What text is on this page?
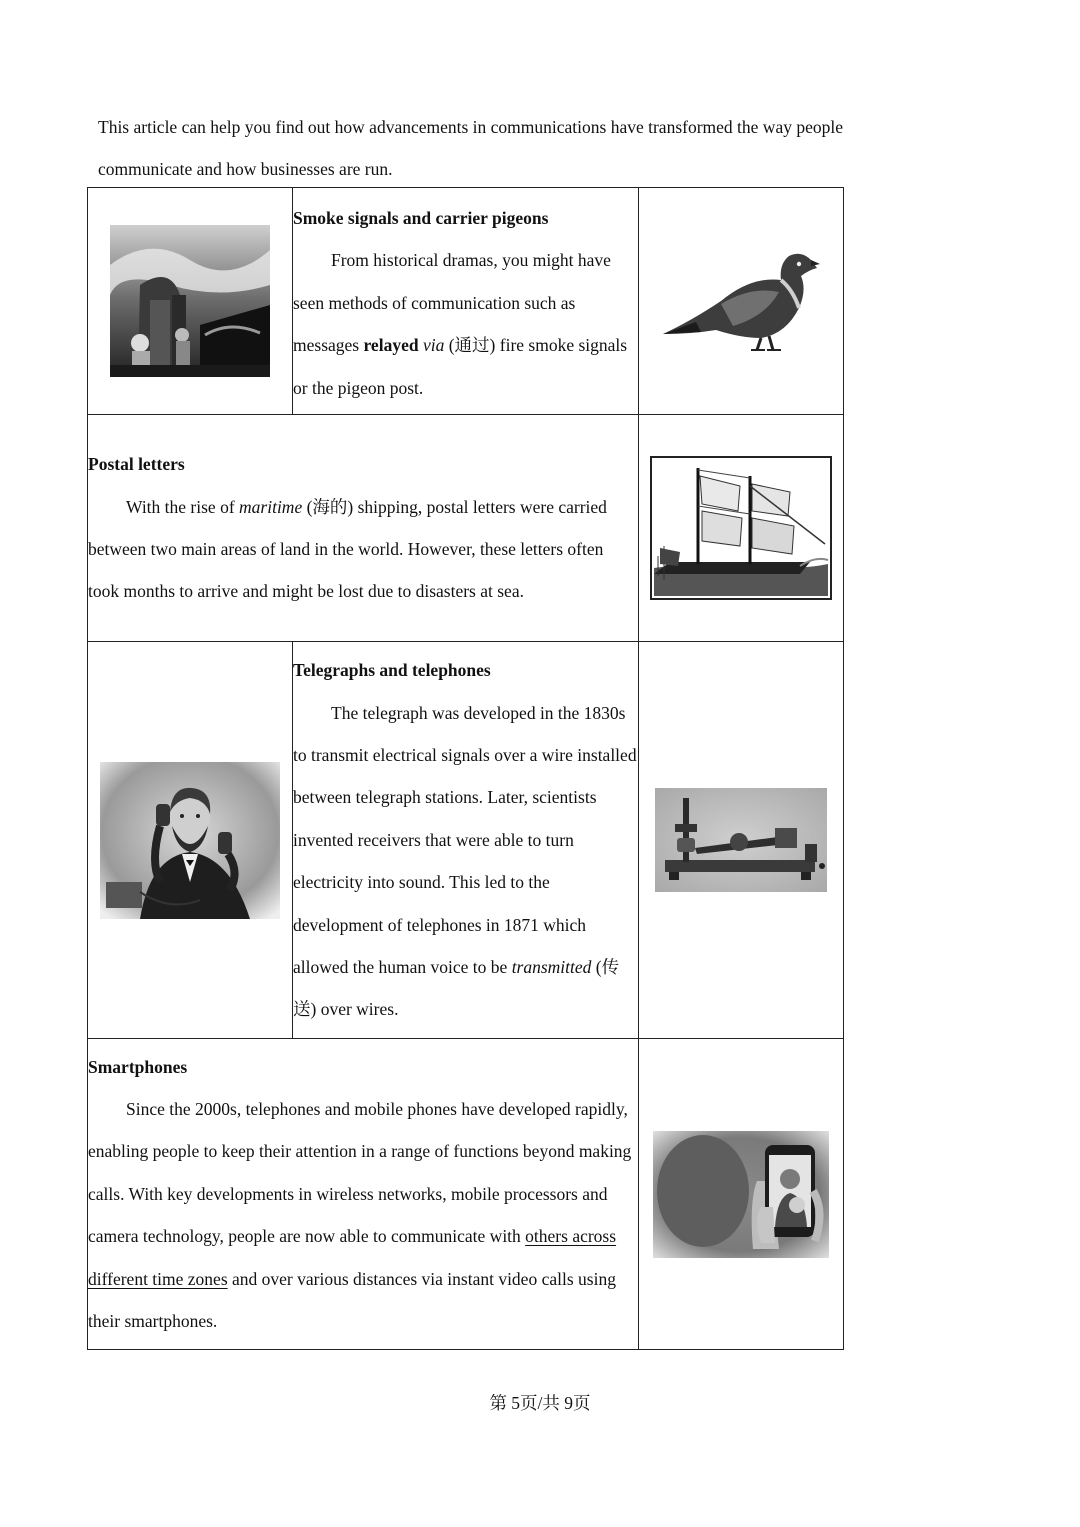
This article can help you find out how advancements in communications have transformed the way people communicate and how businesses are run.

Smoke signals and carrier pigeons

From historical dramas, you might have seen methods of communication such as messages relayed via (通过) fire smoke signals or the pigeon post.

Postal letters

With the rise of maritime (海的) shipping, postal letters were carried between two main areas of land in the world. However, these letters often took months to arrive and might be lost due to disasters at sea.

Telegraphs and telephones

The telegraph was developed in the 1830s to transmit electrical signals over a wire installed between telegraph stations. Later, scientists invented receivers that were able to turn electricity into sound. This led to the development of telephones in 1871 which allowed the human voice to be transmitted (传送) over wires.

Smartphones

Since the 2000s, telephones and mobile phones have developed rapidly, enabling people to keep their attention in a range of functions beyond making calls. With key developments in wireless networks, mobile processors and camera technology, people are now able to communicate with others across different time zones and over various distances via instant video calls using their smartphones.

第 5页/共 9页
